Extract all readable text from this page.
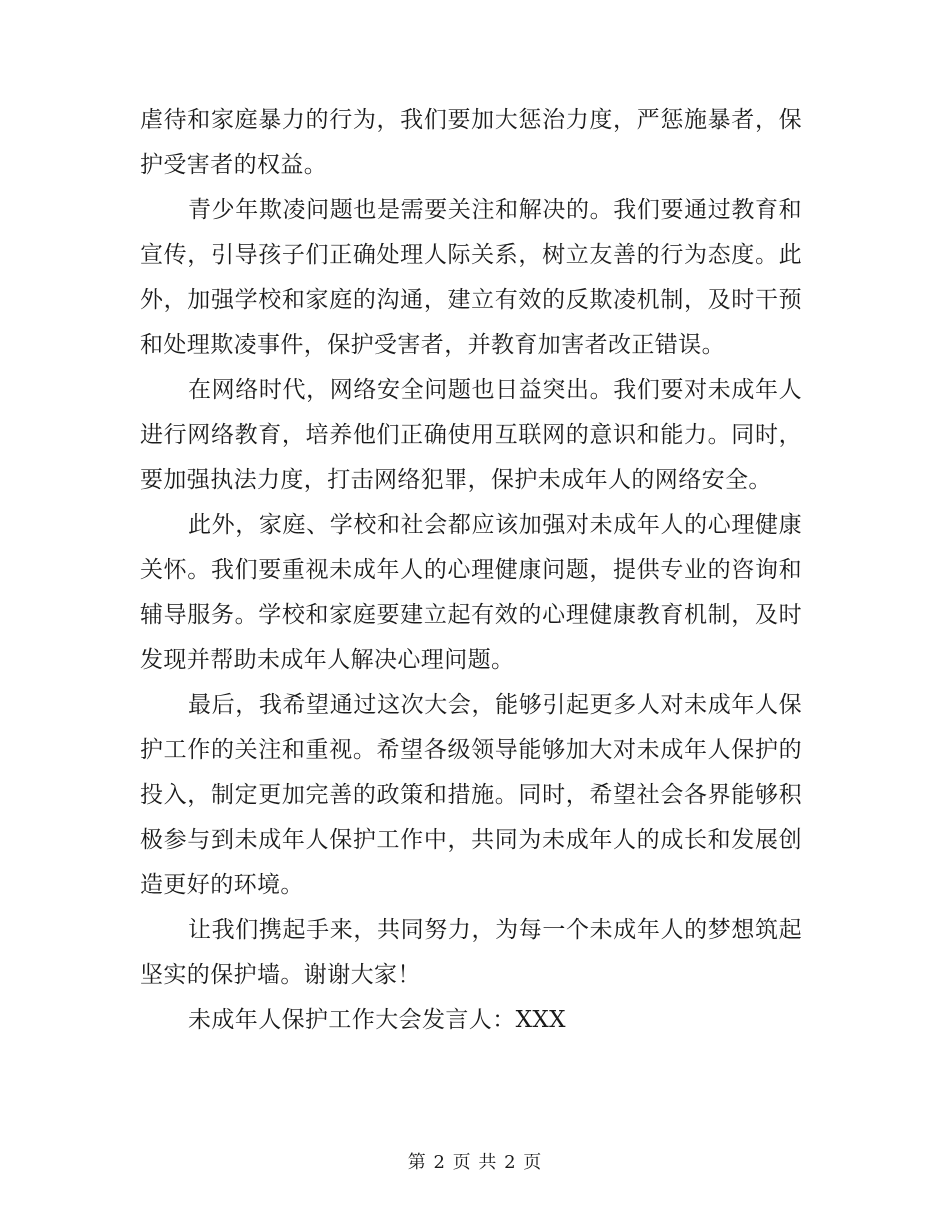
虐待和家庭暴力的行为，我们要加大惩治力度，严惩施暴者，保护受害者的权益。

青少年欺凌问题也是需要关注和解决的。我们要通过教育和宣传，引导孩子们正确处理人际关系，树立友善的行为态度。此外，加强学校和家庭的沟通，建立有效的反欺凌机制，及时干预和处理欺凌事件，保护受害者，并教育加害者改正错误。

在网络时代，网络安全问题也日益突出。我们要对未成年人进行网络教育，培养他们正确使用互联网的意识和能力。同时，要加强执法力度，打击网络犯罪，保护未成年人的网络安全。

此外，家庭、学校和社会都应该加强对未成年人的心理健康关怀。我们要重视未成年人的心理健康问题，提供专业的咨询和辅导服务。学校和家庭要建立起有效的心理健康教育机制，及时发现并帮助未成年人解决心理问题。

最后，我希望通过这次大会，能够引起更多人对未成年人保护工作的关注和重视。希望各级领导能够加大对未成年人保护的投入，制定更加完善的政策和措施。同时，希望社会各界能够积极参与到未成年人保护工作中，共同为未成年人的成长和发展创造更好的环境。

让我们携起手来，共同努力，为每一个未成年人的梦想筑起坚实的保护墙。谢谢大家！

未成年人保护工作大会发言人：XXX

第 2 页 共 2 页
